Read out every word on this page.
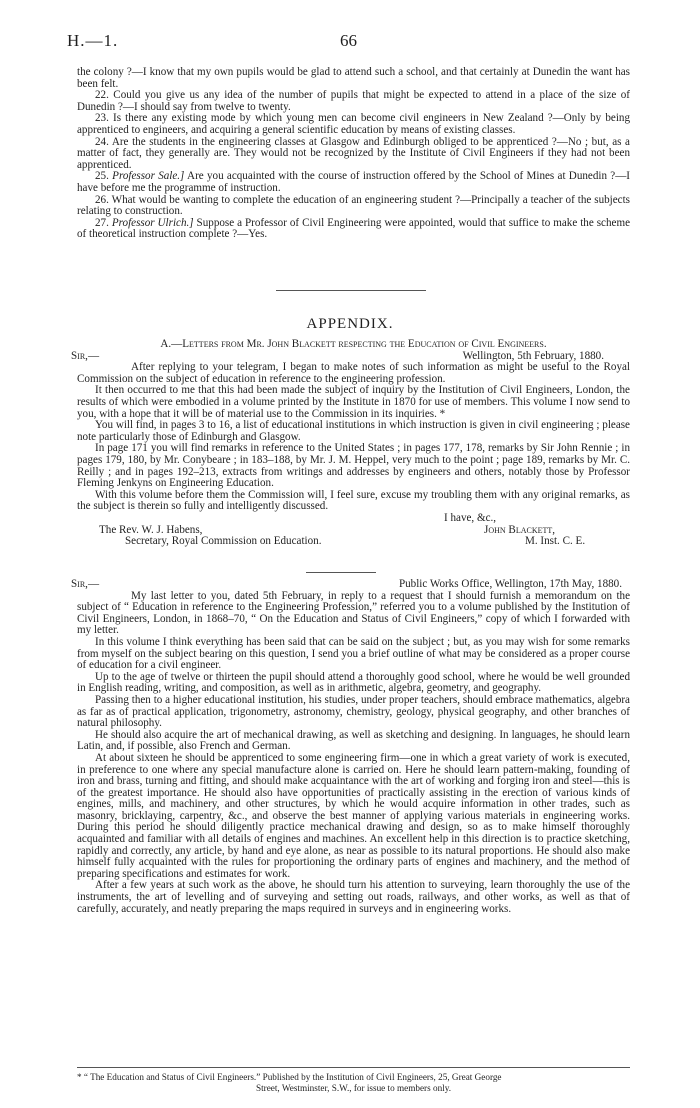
H.—1.	66

the colony ?—I know that my own pupils would be glad to attend such a school, and that certainly at Dunedin the want has been felt.

22. Could you give us any idea of the number of pupils that might be expected to attend in a place of the size of Dunedin ?—I should say from twelve to twenty.

23. Is there any existing mode by which young men can become civil engineers in New Zealand ?—Only by being apprenticed to engineers, and acquiring a general scientific education by means of existing classes.

24. Are the students in the engineering classes at Glasgow and Edinburgh obliged to be apprenticed ?—No ; but, as a matter of fact, they generally are. They would not be recognized by the Institute of Civil Engineers if they had not been apprenticed.

25. Professor Sale.] Are you acquainted with the course of instruction offered by the School of Mines at Dunedin ?—I have before me the programme of instruction.

26. What would be wanting to complete the education of an engineering student ?—Principally a teacher of the subjects relating to construction.

27. Professor Ulrich.] Suppose a Professor of Civil Engineering were appointed, would that suffice to make the scheme of theoretical instruction complete ?—Yes.

APPENDIX.
A.—Letters from Mr. John Blackett respecting the Education of Civil Engineers.
Sir,—	Wellington, 5th February, 1880.

After replying to your telegram, I began to make notes of such information as might be useful to the Royal Commission on the subject of education in reference to the engineering profession.

It then occurred to me that this had been made the subject of inquiry by the Institution of Civil Engineers, London, the results of which were embodied in a volume printed by the Institute in 1870 for use of members. This volume I now send to you, with a hope that it will be of material use to the Commission in its inquiries. *

You will find, in pages 3 to 16, a list of educational institutions in which instruction is given in civil engineering ; please note particularly those of Edinburgh and Glasgow.

In page 171 you will find remarks in reference to the United States ; in pages 177, 178, remarks by Sir John Rennie ; in pages 179, 180, by Mr. Conybeare ; in 183–188, by Mr. J. M. Heppel, very much to the point ; page 189, remarks by Mr. C. Reilly ; and in pages 192–213, extracts from writings and addresses by engineers and others, notably those by Professor Fleming Jenkyns on Engineering Education.

With this volume before them the Commission will, I feel sure, excuse my troubling them with any original remarks, as the subject is therein so fully and intelligently discussed.

I have, &c.,
The Rev. W. J. Habens,	John Blackett,
Secretary, Royal Commission on Education.	M. Inst. C. E.
Sir,—	Public Works Office, Wellington, 17th May, 1880.

My last letter to you, dated 5th February, in reply to a request that I should furnish a memorandum on the subject of “ Education in reference to the Engineering Profession,” referred you to a volume published by the Institution of Civil Engineers, London, in 1868–70, “ On the Education and Status of Civil Engineers,” copy of which I forwarded with my letter.

In this volume I think everything has been said that can be said on the subject ; but, as you may wish for some remarks from myself on the subject bearing on this question, I send you a brief outline of what may be considered as a proper course of education for a civil engineer.

Up to the age of twelve or thirteen the pupil should attend a thoroughly good school, where he would be well grounded in English reading, writing, and composition, as well as in arithmetic, algebra, geometry, and geography.

Passing then to a higher educational institution, his studies, under proper teachers, should embrace mathematics, algebra as far as of practical application, trigonometry, astronomy, chemistry, geology, physical geography, and other branches of natural philosophy.

He should also acquire the art of mechanical drawing, as well as sketching and designing. In languages, he should learn Latin, and, if possible, also French and German.

At about sixteen he should be apprenticed to some engineering firm—one in which a great variety of work is executed, in preference to one where any special manufacture alone is carried on. Here he should learn pattern-making, founding of iron and brass, turning and fitting, and should make acquaintance with the art of working and forging iron and steel—this is of the greatest importance. He should also have opportunities of practically assisting in the erection of various kinds of engines, mills, and machinery, and other structures, by which he would acquire information in other trades, such as masonry, bricklaying, carpentry, &c., and observe the best manner of applying various materials in engineering works. During this period he should diligently practice mechanical drawing and design, so as to make himself thoroughly acquainted and familiar with all details of engines and machines. An excellent help in this direction is to practice sketching, rapidly and correctly, any article, by hand and eye alone, as near as possible to its natural proportions. He should also make himself fully acquainted with the rules for proportioning the ordinary parts of engines and machinery, and the method of preparing specifications and estimates for work.

After a few years at such work as the above, he should turn his attention to surveying, learn thoroughly the use of the instruments, the art of levelling and of surveying and setting out roads, railways, and other works, as well as that of carefully, accurately, and neatly preparing the maps required in surveys and in engineering works.

* “ The Education and Status of Civil Engineers.” Published by the Institution of Civil Engineers, 25, Great George
Street, Westminster, S.W., for issue to members only.
